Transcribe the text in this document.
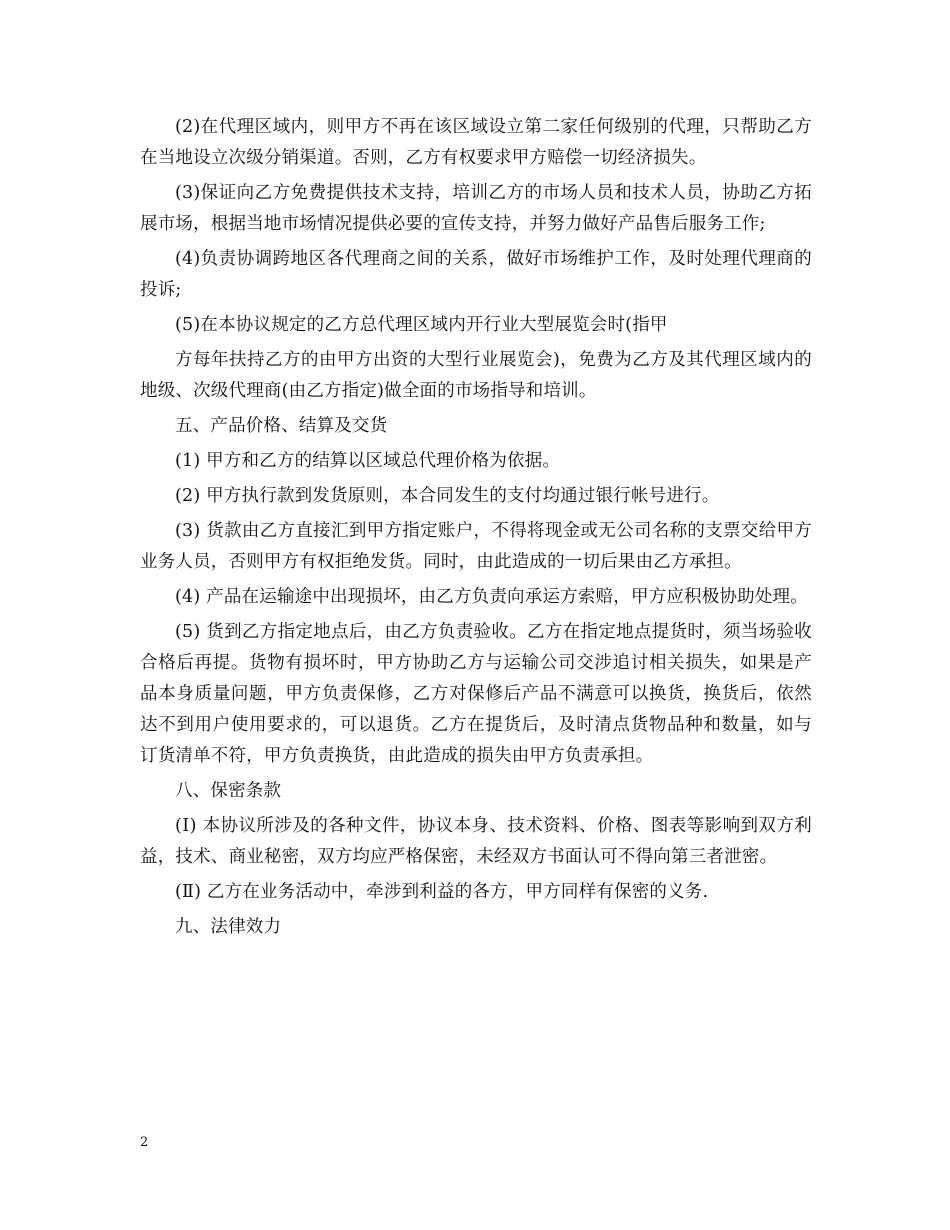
(2)在代理区域内，则甲方不再在该区域设立第二家任何级别的代理，只帮助乙方在当地设立次级分销渠道。否则，乙方有权要求甲方赔偿一切经济损失。

(3)保证向乙方免费提供技术支持，培训乙方的市场人员和技术人员，协助乙方拓展市场，根据当地市场情况提供必要的宣传支持，并努力做好产品售后服务工作;

(4)负责协调跨地区各代理商之间的关系，做好市场维护工作，及时处理代理商的投诉;

(5)在本协议规定的乙方总代理区域内开行业大型展览会时(指甲

方每年扶持乙方的由甲方出资的大型行业展览会)，免费为乙方及其代理区域内的地级、次级代理商(由乙方指定)做全面的市场指导和培训。

五、产品价格、结算及交货

(1) 甲方和乙方的结算以区域总代理价格为依据。

(2) 甲方执行款到发货原则，本合同发生的支付均通过银行帐号进行。

(3) 货款由乙方直接汇到甲方指定账户，不得将现金或无公司名称的支票交给甲方业务人员，否则甲方有权拒绝发货。同时，由此造成的一切后果由乙方承担。

(4) 产品在运输途中出现损坏，由乙方负责向承运方索赔，甲方应积极协助处理。

(5) 货到乙方指定地点后，由乙方负责验收。乙方在指定地点提货时，须当场验收合格后再提。货物有损坏时，甲方协助乙方与运输公司交涉追讨相关损失，如果是产品本身质量问题，甲方负责保修，乙方对保修后产品不满意可以换货，换货后，依然达不到用户使用要求的，可以退货。乙方在提货后，及时清点货物品种和数量，如与订货清单不符，甲方负责换货，由此造成的损失由甲方负责承担。

八、保密条款

(Ⅰ) 本协议所涉及的各种文件，协议本身、技术资料、价格、图表等影响到双方利 益，技术、商业秘密，双方均应严格保密，未经双方书面认可不得向第三者泄密。

(Ⅱ) 乙方在业务活动中，牵涉到利益的各方，甲方同样有保密的义务.

九、法律效力

2
